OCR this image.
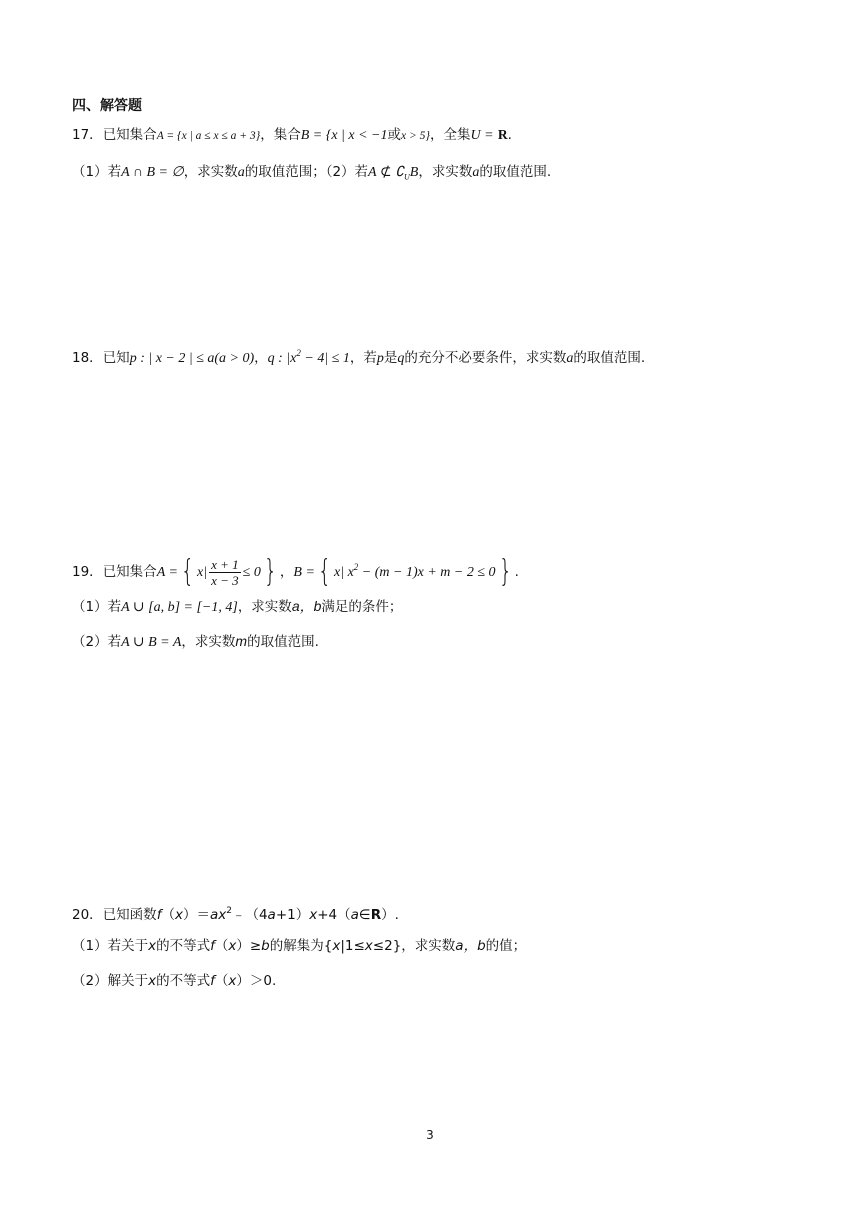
四、解答题
17．已知集合A = {x | a ≤ x ≤ a + 3}，集合B = {x | x < −1或x > 5}，全集U = R.
（1）若A ∩ B = ∅，求实数a的取值范围；（2）若A ⊄ $∁_UB$，求实数a的取值范围.
18．已知p : | x − 2 | ≤ a(a > 0)，q : $|x^2 - 4| \le 1$，若p是q的充分不必要条件，求实数a的取值范围.
19．已知集合A ={ $x| \frac{x + 1}{x - 3} \le 0$} ，B ={ x| $x^2 - (m - 1)x + m - 2 \le 0$} .
（1）若A ∪ [a, b] = [−1, 4]，求实数a，b满足的条件；
（2）若A ∪ B = A，求实数m的取值范围.
20．已知函数$f(x)=ax^2﹣(4a+1)x+4(a\in R)$.
（1）若关于x的不等式f（x）≥b的解集为{x|1≤x≤2}，求实数a，b的值；
（2）解关于x的不等式f（x）＞0.
3
